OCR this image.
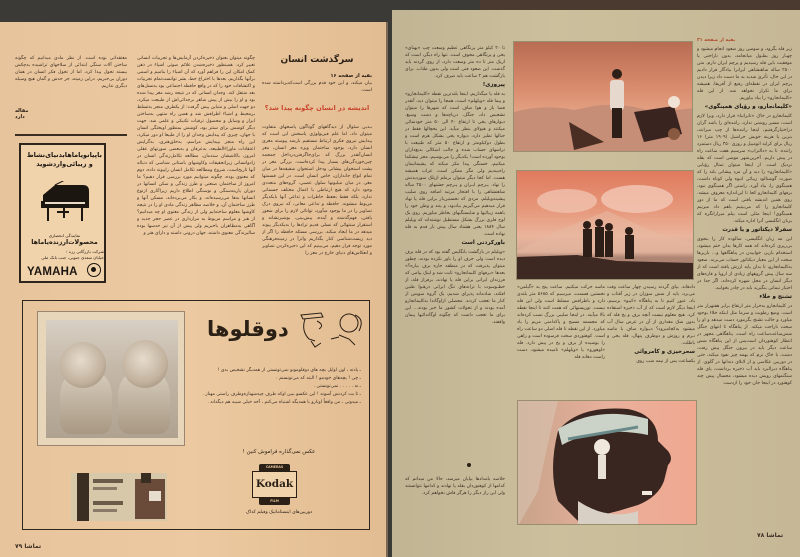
سرگذشت انسان
بقیه از صفحه ۱۶
بیان میکند، و این خود قدم بزرگی است‌که‌برداشته شده است.
اندیشه در انسان چگونه پیدا شد؟

بـدین سئوال از دیدگاههای گوناگون پاسخهای متفاوت میتوان داد، اما علم فیزیولوژی پاسخش این است که پیدایش نیروی فکری ارتباط مستقیم بارشد پیوسته مغزی انسان دارد، بوجود ساختمان ویژه مغز انسان، مغز انسان‌آنقدر بزرگ که برای‌جاگرفتن‌درداخل جمجمه چین‌خوردگی‌های بسیار پیدا کرده‌است. بزرگی مغز در پشت استخوان پیشانی ودخل استخوان شقیقه‌ها در میان تمام انواع جانداران، خاص انسان است. در این قسمتها مغز، در میان میلیونها سلول عصبی، گروه‌های متعددی وجود دارد که هیچ ارتباطی با اعمال مختلف جسمانی ندارد، بلکه فقط بحفظ خاطرات و تداعی آنها بایکدیگر مربوط میشوند. حافظه و تداعی معانی، که نیروی درک تصاویر را در ما بوجود میآورد، توانائی لازم را برای شعور یافتن، فهم‌گذشته و آینده، پیش‌بینی، بوشیرنشانه و استقرار سنتهائی که نسلی قدیم تزادها را به‌یکدیگر پیوند میدهد در ما ایجاد میکند. بررسی مسئله حافظه را اگر از دید زیست‌شناسی کنار بگذاریم واثرآ در زمینه‌فرهنگی مورد توجه قرار دهیم، می‌بینیم که این ذخیره‌کردن تصاویر و انعکاس‌های دنیای خارج در مغز را

چگونه میتوان بعنوان ذخیره‌کردن آزمایش‌ها و تجربیات انسانی تعبیر کرد. همینطور ذخیره‌شدن علائم صوتی اشیاء در ذهن کمک امکان این را فراهم آورد که آن اشیاء را بنامیم و اسمی برآنها بگذاریم، بعدها با اختراع خط، بشر توانست‌تمام تجربیات و اکتشافات خود را که در واقع حافظه اجتماعی بود به‌نسل‌های بعد منتقل کند. وجدان انسانی که در نتیجه رشد مغز پیدا شده بود و او را بیش از پیش شاهر برجدائی‌اش از طبیعت میکرد، دو جهت اصلی و متباین پیش گرفت: از یکطرف منجر به‌تسلط برمحیط و اشیاء اطرافش شد و همین راه منتهی به‌ساختن ابزار و وسایل و محصول ترقیات تکنیکی و علمی شد. جهت دیگر کوشش برای ستتز بود، کوشش بمنظور اوبختگی انسان با جهان، چیزی که پیدایش وجدان او را از طبیعا او دور میکرد، این راه منجر بپیدایش مراسم، به‌خلق‌هنری، به‌گرایش اعتقادات ماوراءالطبیعه، به‌عرفان و به‌بعضی صورتهای عقلی امروز، باکاششان ستدمان، مطالعه تکامل‌زندگی انسان در زادوانسانی زیراتحقیقات وکاوشهای باستانی شناسی که دنباله آنها تاریخ‌است، شروع ومطالعه تکامل انسان راپیوند داده، دوم که معنوی بوده، چگونه میتوانیم مورد بررسی قرار دهیم؟ ما امروز از ساختمان صنعتی و طرز زندگی و سکن انسانها در دوران پارینه‌سنگی و نوسنگی اطلاع داریم زیراآثاری ازنوع انسانها به‌ها می‌رسیده‌اند، و بکار می‌برده‌اند، مسکن آنها و طرز ساختمان آن، و خلاصه مظاهر زندگی مادی او را در نتیجه کاوشها معلوم ساخته‌ایم ولی از زندگی معنوی او چه میدانیم؟ از هنر و مراسم مربوط به مزارداری در عصر حجر جدید و آگاهی به‌مظاهران باخبریم ولی پیش از آن نیز حدسها بوده سالیزندگی معنوی داشته، جهان درونی داشته و دارای هنر و

معتقداتی بوده است. از نظر مادی میدانیم که چگونه ساختن آلات سنگی ابتدائی از سلاحهای تراشیده به‌چکش بیسته تحول پیدا کرد، اما از تحول فکر انسان در همان دوران بی‌خبریم، دراین زمینه، جز حدس و گمان هیچ وسیله دیگری نداریم.

مقاله دارد
باپیانو‌یاماها‌بدنیای‌نشاط و زیبائی‌واردشوید
نمایندگی انحصاری
محصولات‌ارزنده‌یاماها
شرکت بازرگانی رزه ؛
خیابان سعدی جنوبی، جنب بانک ملی
YAMAHA
دوقلوها

ـ یادته ، اون اوایل بچه های دوقلومونو نمی‌تونستی از همدیگر تشخیص بدی !

ـ چی ! بچه‌های خودمو ! البته که می‌تونستم .

ـ نه . . . . . نمی‌تونستی .

ـ تا بت کردنش آسونه ! این عکسو ببین اوکه طرف چپه‌شهنازه‌وطرف راستی مهناز .

ـ میدونی ، من واقعاً اونارو با همدیگه اشتباه می‌کنم ، آخه خیلی شبیه هم دیگه‌اند .

عکس نمی‌گذاره فراموش کنین !
CAMERAS
Kodak
FILM
دوربین‌های اینستاماتیک وفیلم کداک
۷۹ تماشا
بقیه از صفحه ۳۱

زیر قله یگرود، و سومین روز صعود انجام میشود و چهـار روز بطـول میانجامد، بدون ناراحتی یا موفقیت باین قله رسیدیم و پرچم ایران دارم. متن ۲۵۰۰ ساله شاهنشاهی ایرانرا بیادگار قرار دادیم در این حال، تأثری شدید به ما دست داد زیرا دیدن پرچم ایران در نقطه‌ای رفیع از آفریقا، همیشه برای ما تکرار نخواهد شد. از این قله «کلیمانجارو» را بیاد بیاوریم.

«کلیمانجارو، و رؤیای همینگوی»

کلیمانجارو در خاک «تانزانیا» قرار دارد، وبرا لازم است، مسیر روشنی ندارد، راننده‌ای را باشد گران دراختیارگرفتیم، اینجا راننده‌ها از چپ میرانند، بنزین یا هزینه خوبش حراشیل (۱۹۰۹ متر) ۱۶ ریال برای کرایه اتومبیل و روزی ۳۵۰ ریال دستمزد راننده. تا به «دالتراپ» سرسیم هفت ساعت راه در پیش داریم. آخرین‌شهر موشی است که بقله نزدیک است. از اینجا میتوان تمثال رؤیایی «کلیمانجارو» را دید و آن مرد پیشانی بلند را که صورت گوشتالود زیبائی انبوه ولی کوتاه داشت، همینگوی را، بیاد آورد. راستی اگر همینگوی نبود، برفهای کلیمانجارو کجا تا این‌اندازه معروف میشد. روی همین اندیشه بافتی است که ما از دور کلیمانجارو را که می‌بینیم باهم داد میزنیم همینگوی! اینجا مثلی است بیلم میزارانگره که بزبان انگلیسی آنرا اداره میکند.

سفرلا دیکتاتور و یا قدرت

این مه زبان انگلیسی، شالوده کار را بنحوی بی‌ریزی کرده‌اند که همه کارها بدان ختم میشود، استخدام باربر، خوابیدن در پناهگاهها و... باربرها سخت از این معیار دیکتاتور حساب می‌برند. صعود به‌کلیمانجارو، تا بدان پایه ارزش یافته است که از سه سال پیش گروههای زیادی از اروپا و قاره‌های دیگر انسان در محل شهره کرده‌اند، اگر جدا در اختیار تیماتی بنگیرید باید در چادر بخوابید.

تشنج و خلاء

در کلیمانجارو به‌خرار متر ارتفاع برابر هفتهزار متر است. وضع رطوبت و سرما مثل اینکه خلاء بوجود میاورد و حالت تشنج بگرمورد دست میدهد و او را سخت ناراحت میکند. از پناهگاه تا انتهای جنگل شش‌ساعت‌ساعت راه است، پناهگاهی مجهز در انتظار کوهنوردان است‌پس از این پناهگاه شش ساعت دیگر باید در بیرون جنگل پیش رفت، دشت، با خاک نرم که بهمه چیز نفوذ میکند، حتی در دوربین عکاسی و از لابلای دندانها در گلوی. از پناهگاه دیزالبرد باید آب ذخیره برداشت، پای قله سنگتمهای رویش دیده میشود، محسال پیش چند کوهنورد در اینجا جان خود را ازدست

تا ۲۰ کیلو متر پرتگاهی عظیم وسعت چپ «پهنای» یخی و پرتگاهی مخوف است. تنها راه دیگر، است که ازیک متر تا ده متر وسعت دارد، از روی گردنه باید گذشت. این صعود فنی است ولی بدون طناب. برای بازگشت هم ۲ ساعت باید صرف کرد.

پیروزی!

به قله پا میگذاریم، اینجا بلندترین نقطه «کلیمانجارو» و پیما قله «ویلهلم» است، همجا را میتوان دید، آنقدر فضا باز و هوا صاف است که شهرها را میتوان تشخیص داد، جنگل، دریاچه‌ها و دشت وسیع. دیوارهای یخی تا ارتفاع ۴۰ الی ۵۰ متر خودنمائی میکنند و هیولای بنظر میآید. این یخچالها فقط در جبالها نظیر دارد، دیواره یخی بشکل هرم است و بطول دوکیلومتر و ارتفاع ۵۰ متر که طبیعت با تراشهای حساب شده و جالب اشکالی بدیع‌داران بوجود آورده است! یکدیگر را می‌بوسیم، مجر تیشکما میکنیم، خستگی پیدا مکر میکند که پشیمانیمان راه‌بیندیم ولی مگر ممکن است، عزاب همیشه هست. اما کجا دیگر میتوان برملم ازیلک سوردیدنش را نهاد. پـرچم ایـران و پـرچم جشنهای ۲۵۰۰ ساله شاهنشاهی را با افتخار مرتبه اضافه روی صلیب پیشینه‌ویلیلم، مردی که نخستین‌بار براین قله پا نهاد قرار میدهیم‌ می‌گیریم بیادبود، و ینند و وطن خود را باهمه زیبائیها و شایستگیهای بخاطر میاوریم. روی یک لوح فلزی بزرگ بشکل مستطیل نوشته‌اند که ویلیلم سال ۱۸۸۴ یعنی هشتاد سال پیش بار قدم به قله نهاده است.

باورکردنی است

«ویلیلم در بازگشت بانگلیس گفته بود که در قله برف دیده است ولی حرف او را باور نکرده بودند، چطور میتوان پذیرفت که در منطقه حاره برف بباره؟» بعدها «برفهای کلیمانجارو» ثابت شد و اینک پیامی که فرزندان ایرانی براین قله پا نهادند، برفراز قله، از خطـوسوت با ترانه‌های تنگ ایرانی درهـوا طنین افکند، شادمانه پذیرای شدیم، یک گروه سویس از کنار ما تعجب کردند. محصلی ازاوگاندا به‌کلیمانجارو آمده بودند و از تحولات کشور ما خبر بودند... این برای ما تعجب داشت که چگونه اوگاندائیها پیمان واقفند.

خلاصه بامدادها بپایان میرسد، حالا من میدانم که کدامها از کوهنوردان بقله پا نهادند و کدامها نتوانستند ولی این راز دیگر را هرگز فاش نخواهم کرد.

ماسه حرکت میکنیم. ساعت پنج به «گیلمن» نخستین قسمت، میرسیم که ۵۶۸۵ متر بلندی دارد و باطرافش مسلط است ولی این قله نیست. توریستهائی که همت کنند تا اینجا نقطه بالا میآیند. در اینجا صلیبی بزرگ نصب کرده‌اند که مجسمه مسیح و پاکدامنی مریم را یاد میاورد. از این نقطه تا قله اصلی دو ساعت راه است. کوهنوردی سخت فرسوده است و راهی را بوشیده از برف و یخ در پیش دارد. قله «اوهورو» یا «ویلهلم» نامیده میشود، دست راست دهانه قله

دادهاند. بپای گردنه رسیدن چهار ساعت وقت می‌برد، باید از شش سوزان در زیر آفتاب و باد، عبور کنیم تا به پناهگاه «کیبو» برسیم، اینجا دیگر لازم است که از آب ذخیره استفاده کرد. هیچ معلوم نیست آنچه برف و یخ قله که بدون شک مقداری از آن در عرض سال آب میشود به‌کجامیرود؟ دیـواره صاف با ماسه نـرم و روزش و دوطرف پنهال، قله یخی و باطلت.

سحرخیزی و کامروائی

یکساعت پس از نیمه شب روی

۷۸ تماشا
